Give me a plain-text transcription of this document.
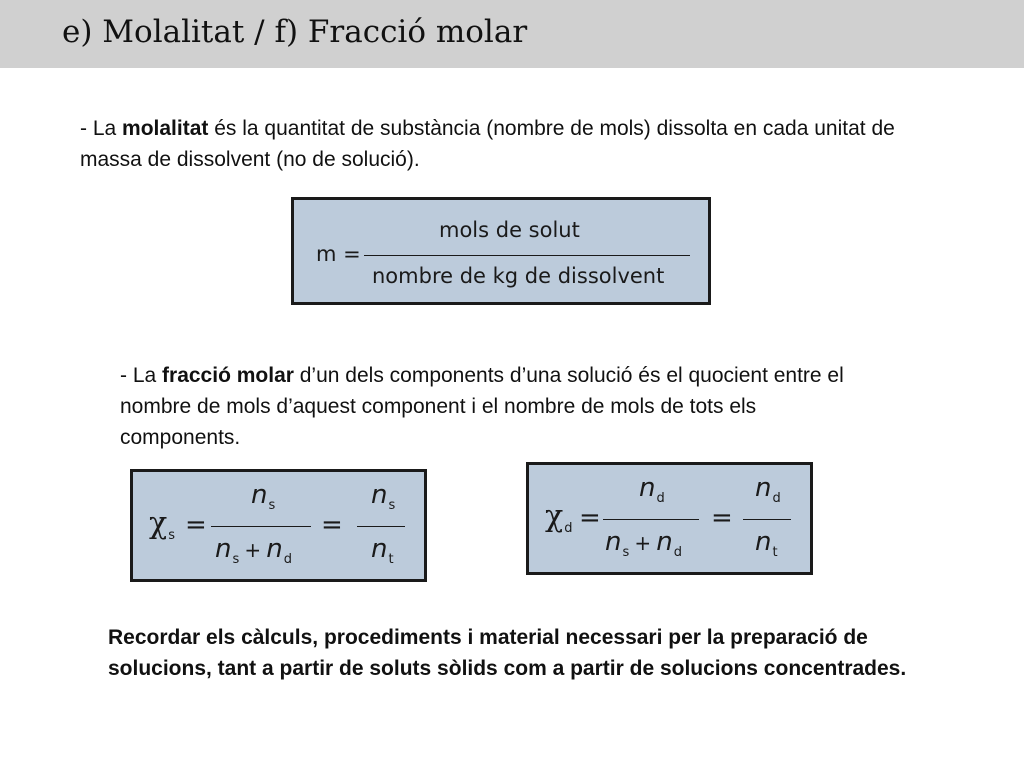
e) Molalitat / f) Fracció molar
- La molalitat és la quantitat de substància (nombre de mols) dissolta en cada unitat de massa de dissolvent (no de solució).
m =
mols de solut
nombre de kg de dissolvent
- La fracció molar d’un dels components d’una solució és el quocient entre el nombre de mols d’aquest component i el nombre de mols de tots els components.
$\chi_s$ =
$n_s$
$n_s + n_d$
=
$n_s$
$n_t$
$\chi_d$ =
$n_d$
$n_s + n_d$
=
$n_d$
$n_t$
Recordar els càlculs, procediments i material necessari per la preparació de solucions, tant a partir de soluts sòlids com a partir de solucions concentrades.
